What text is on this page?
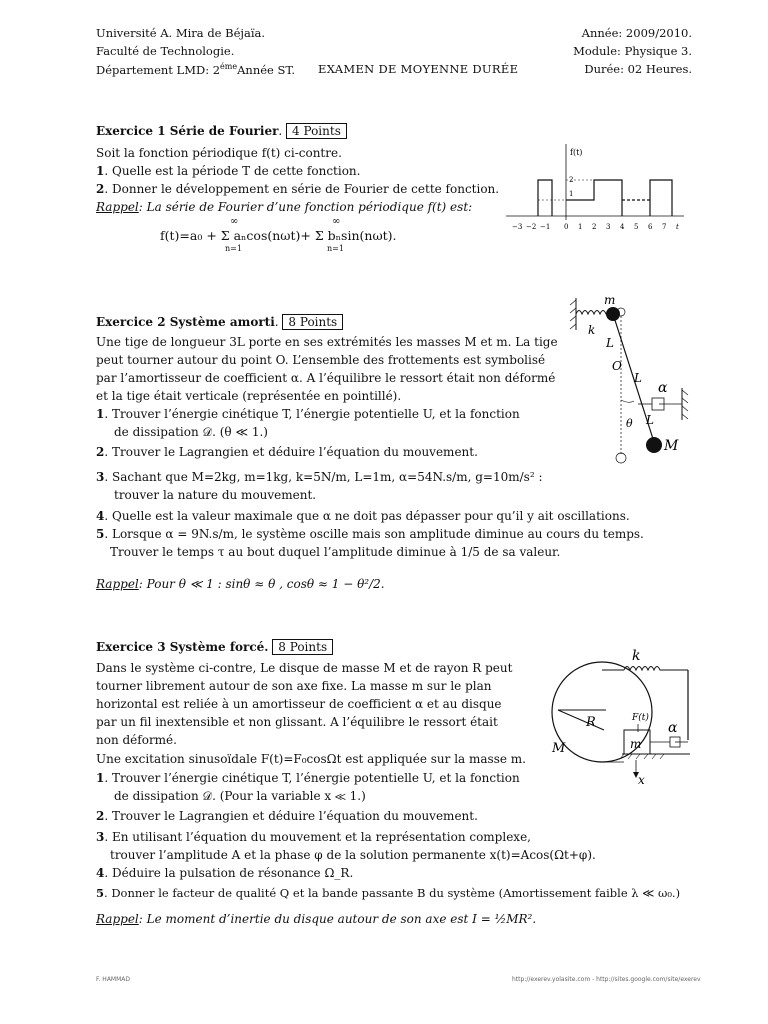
Université A. Mira de Béjaïa.
Faculté de Technologie.
Département LMD: $2^{éme}Année$ ST. EXAMEN DE MOYENNE DURÉE
Année: 2009/2010.
Module: Physique 3.
Durée: 02 Heures.
Exercice 1 Série de Fourier. 4 Points
Soit la fonction périodique f(t) ci-contre.
1. Quelle est la période T de cette fonction.
2. Donner le développement en série de Fourier de cette fonction.
Rappel: La série de Fourier d’une fonction périodique f(t) est:
f(t)=a₀ + Σ aₙcos(nωt)+ Σ bₙsin(nωt).
∞
n=1
∞
n=1
f(t)
2
1
−3 −2 −1 0 1 2 3 4 5 6 7 t
Exercice 2 Système amorti. 8 Points
Une tige de longueur 3L porte en ses extrémités les masses M et m. La tige
peut tourner autour du point O. L’ensemble des frottements est symbolisé
par l’amortisseur de coefficient α. A l’équilibre le ressort était non déformé
et la tige était verticale (représentée en pointillé).
1. Trouver l’énergie cinétique T, l’énergie potentielle U, et la fonction
de dissipation 𝒟. (θ ≪ 1.)
2. Trouver le Lagrangien et déduire l’équation du mouvement.
3. Sachant que M=2kg, m=1kg, k=5N/m, L=1m, α=54N.s/m, g=10m/s² :
trouver la nature du mouvement.
4. Quelle est la valeur maximale que α ne doit pas dépasser pour qu’il y ait oscillations.
5. Lorsque α = 9N.s/m, le système oscille mais son amplitude diminue au cours du temps.
Trouver le temps τ au bout duquel l’amplitude diminue à 1/5 de sa valeur.
Rappel: Pour θ ≪ 1 : sinθ ≈ θ , cosθ ≈ 1 − θ²/2.
m
k
L
O
L
L
M
θ
α
Exercice 3 Système forcé. 8 Points
Dans le système ci-contre, Le disque de masse M et de rayon R peut
tourner librement autour de son axe fixe. La masse m sur le plan
horizontal est reliée à un amortisseur de coefficient α et au disque
par un fil inextensible et non glissant. A l’équilibre le ressort était
non déformé.
Une excitation sinusoïdale F(t)=F₀cosΩt est appliquée sur la masse m.
1. Trouver l’énergie cinétique T, l’énergie potentielle U, et la fonction
de dissipation 𝒟. (Pour la variable x ≪ 1.)
2. Trouver le Lagrangien et déduire l’équation du mouvement.
3. En utilisant l’équation du mouvement et la représentation complexe,
trouver l’amplitude A et la phase φ de la solution permanente x(t)=Acos(Ωt+φ).
4. Déduire la pulsation de résonance Ω_R.
5. Donner le facteur de qualité Q et la bande passante B du système (Amortissement faible λ ≪ ω₀.)
Rappel: Le moment d’inertie du disque autour de son axe est I = ½MR².
k
R
M	m
F(t)
α
x
F. HAMMAD	http://exerev.yolasite.com - http://sites.google.com/site/exerev
